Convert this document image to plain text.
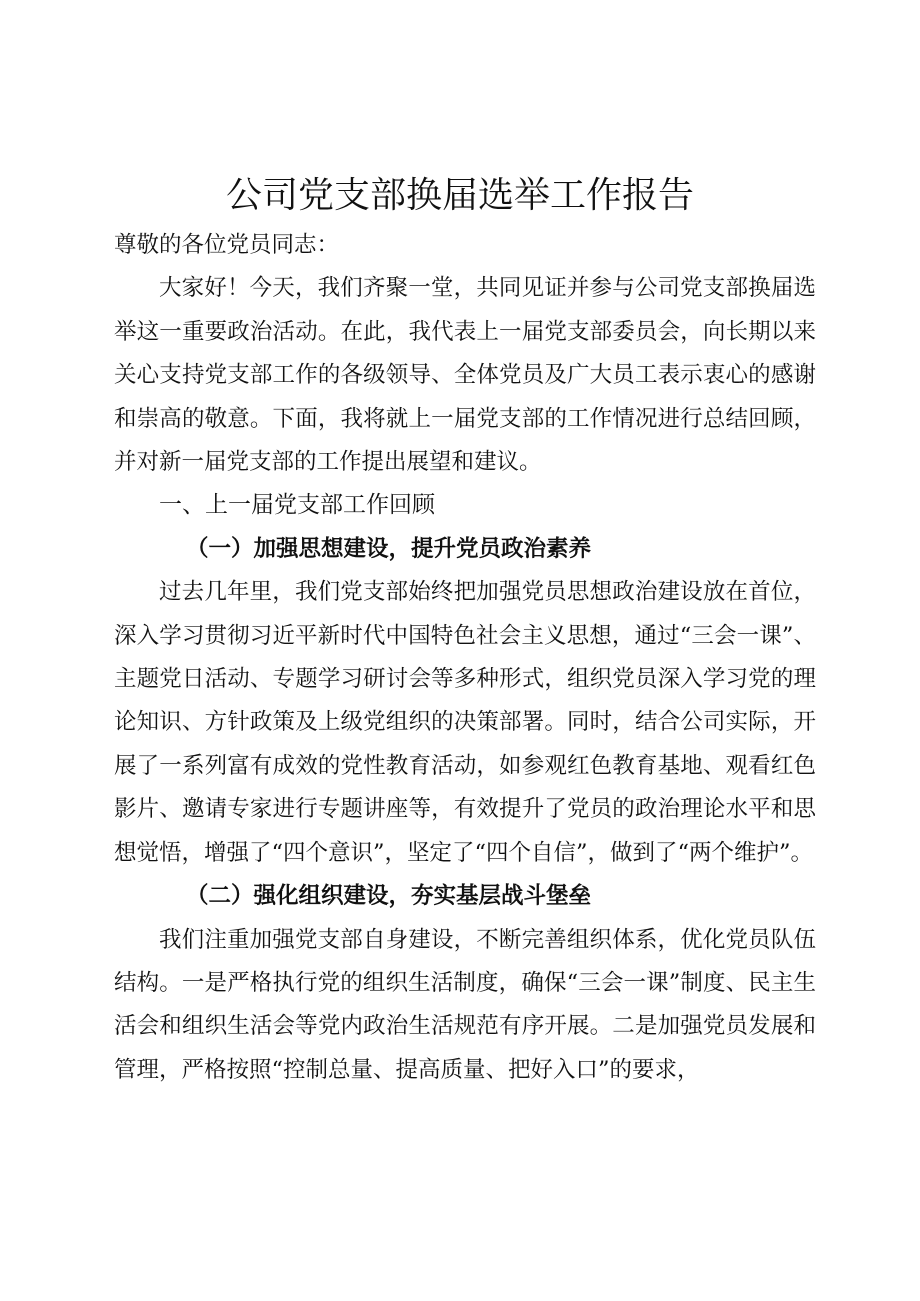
公司党支部换届选举工作报告

尊敬的各位党员同志：

大家好！今天，我们齐聚一堂，共同见证并参与公司党支部换届选举这一重要政治活动。在此，我代表上一届党支部委员会，向长期以来关心支持党支部工作的各级领导、全体党员及广大员工表示衷心的感谢和崇高的敬意。下面，我将就上一届党支部的工作情况进行总结回顾，并对新一届党支部的工作提出展望和建议。

一、上一届党支部工作回顾

（一）加强思想建设，提升党员政治素养

过去几年里，我们党支部始终把加强党员思想政治建设放在首位，深入学习贯彻习近平新时代中国特色社会主义思想，通过“三会一课”、主题党日活动、专题学习研讨会等多种形式，组织党员深入学习党的理论知识、方针政策及上级党组织的决策部署。同时，结合公司实际，开展了一系列富有成效的党性教育活动，如参观红色教育基地、观看红色影片、邀请专家进行专题讲座等，有效提升了党员的政治理论水平和思想觉悟，增强了“四个意识”，坚定了“四个自信”，做到了“两个维护”。

（二）强化组织建设，夯实基层战斗堡垒

我们注重加强党支部自身建设，不断完善组织体系，优化党员队伍结构。一是严格执行党的组织生活制度，确保“三会一课”制度、民主生活会和组织生活会等党内政治生活规范有序开展。二是加强党员发展和管理，严格按照“控制总量、提高质量、把好入口”的要求，
